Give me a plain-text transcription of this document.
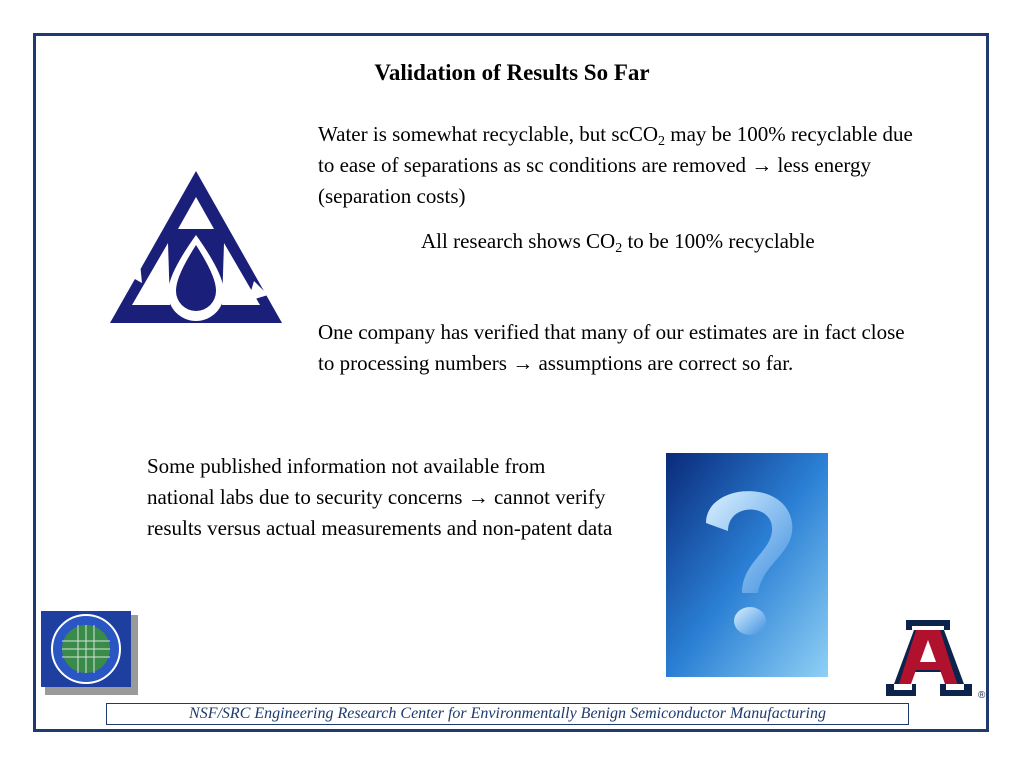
Validation of Results So Far
Water is somewhat recyclable, but scCO$_2$ may be 100% recyclable due to ease of separations as sc conditions are removed → less energy (separation costs)
All research shows $CO_2$ to be 100% recyclable
One company has verified that many of our estimates are in fact close to processing numbers → assumptions are correct so far.
Some published information not available from national labs due to security concerns → cannot verify results versus actual measurements and non-patent data
®
NSF/SRC Engineering Research Center for Environmentally Benign Semiconductor Manufacturing
